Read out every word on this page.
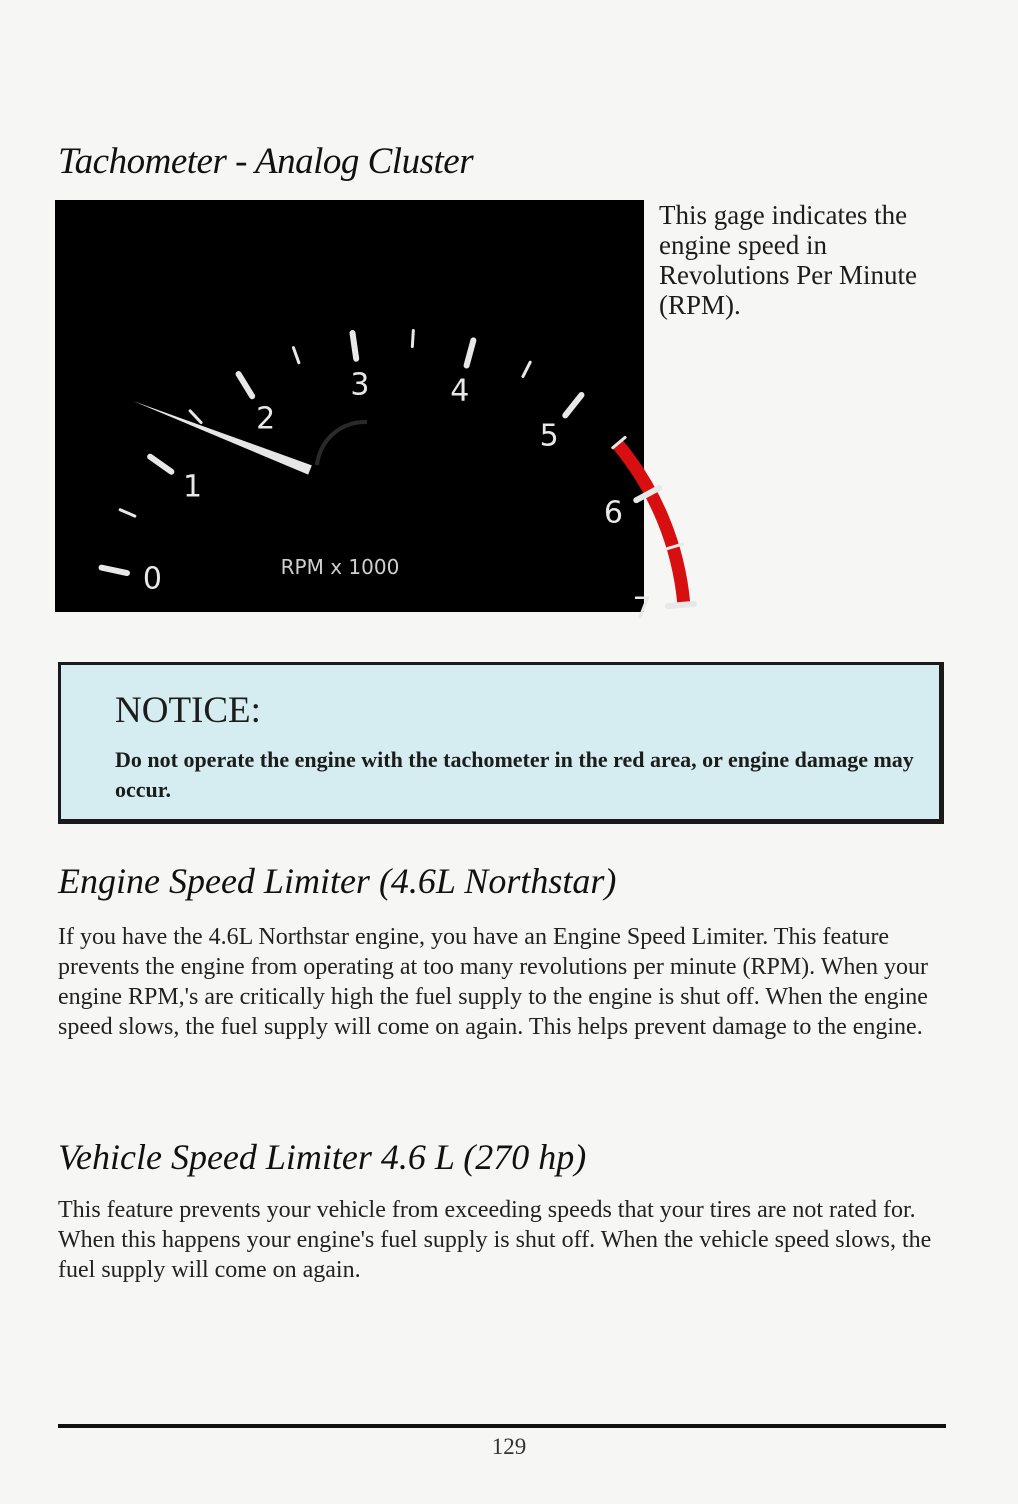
Tachometer - Analog Cluster
0
1
2
3	4
5
6
7
RPM x 1000

This gage indicates the engine speed in Revolutions Per Minute (RPM).

NOTICE:

Do not operate the engine with the tachometer in the red area, or engine damage may occur.

Engine Speed Limiter (4.6L Northstar)

If you have the 4.6L Northstar engine, you have an Engine Speed Limiter. This feature prevents the engine from operating at too many revolutions per minute (RPM). When your engine RPM,'s are critically high the fuel supply to the engine is shut off. When the engine speed slows, the fuel supply will come on again. This helps prevent damage to the engine.

Vehicle Speed Limiter 4.6 L (270 hp)

This feature prevents your vehicle from exceeding speeds that your tires are not rated for. When this happens your engine's fuel supply is shut off. When the vehicle speed slows, the fuel supply will come on again.

129
